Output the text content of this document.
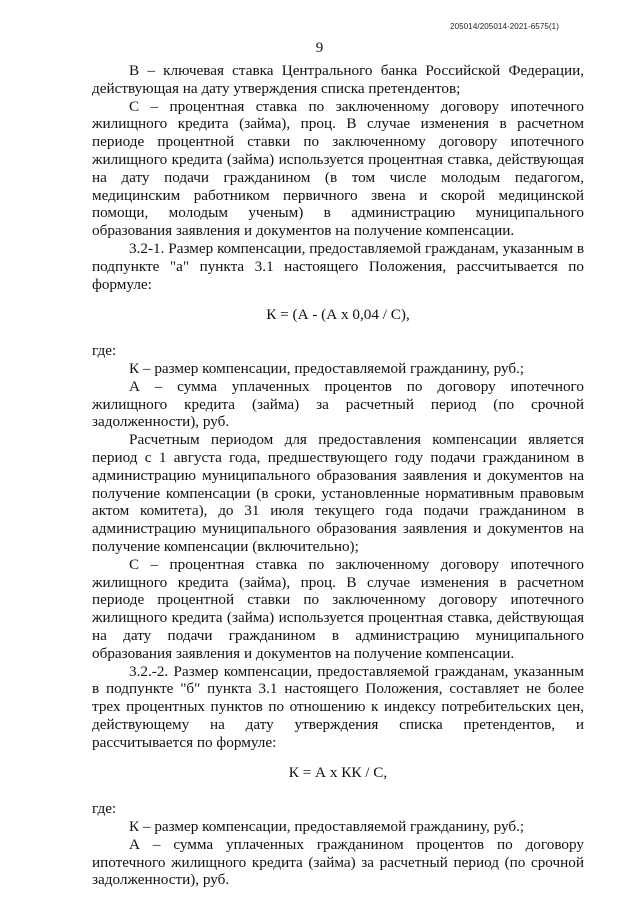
205014/205014-2021-6575(1)
9

В – ключевая ставка Центрального банка Российской Федерации, действующая на дату утверждения списка претендентов;

С – процентная ставка по заключенному договору ипотечного жилищного кредита (займа), проц. В случае изменения в расчетном периоде процентной ставки по заключенному договору ипотечного жилищного кредита (займа) используется процентная ставка, действующая на дату подачи гражданином (в том числе молодым педагогом, медицинским работником первичного звена и скорой медицинской помощи, молодым ученым) в администрацию муниципального образования заявления и документов на получение компенсации.

3.2-1. Размер компенсации, предоставляемой гражданам, указанным в подпункте "а" пункта 3.1 настоящего Положения, рассчитывается по формуле:

К = (А - (А х 0,04 / С),

где:

К – размер компенсации, предоставляемой гражданину, руб.;

А – сумма уплаченных процентов по договору ипотечного жилищного кредита (займа) за расчетный период (по срочной задолженности), руб.

Расчетным периодом для предоставления компенсации является период с 1 августа года, предшествующего году подачи гражданином в администрацию муниципального образования заявления и документов на получение компенсации (в сроки, установленные нормативным правовым актом комитета), до 31 июля текущего года подачи гражданином в администрацию муниципального образования заявления и документов на получение компенсации (включительно);

С – процентная ставка по заключенному договору ипотечного жилищного кредита (займа), проц. В случае изменения в расчетном периоде процентной ставки по заключенному договору ипотечного жилищного кредита (займа) используется процентная ставка, действующая на дату подачи гражданином в администрацию муниципального образования заявления и документов на получение компенсации.

3.2.-2. Размер компенсации, предоставляемой гражданам, указанным в подпункте "б" пункта 3.1 настоящего Положения, составляет не более трех процентных пунктов по отношению к индексу потребительских цен, действующему на дату утверждения списка претендентов, и рассчитывается по формуле:

К = А х КК / С,

где:

К – размер компенсации, предоставляемой гражданину, руб.;

А – сумма уплаченных гражданином процентов по договору ипотечного жилищного кредита (займа) за расчетный период (по срочной задолженности), руб.
